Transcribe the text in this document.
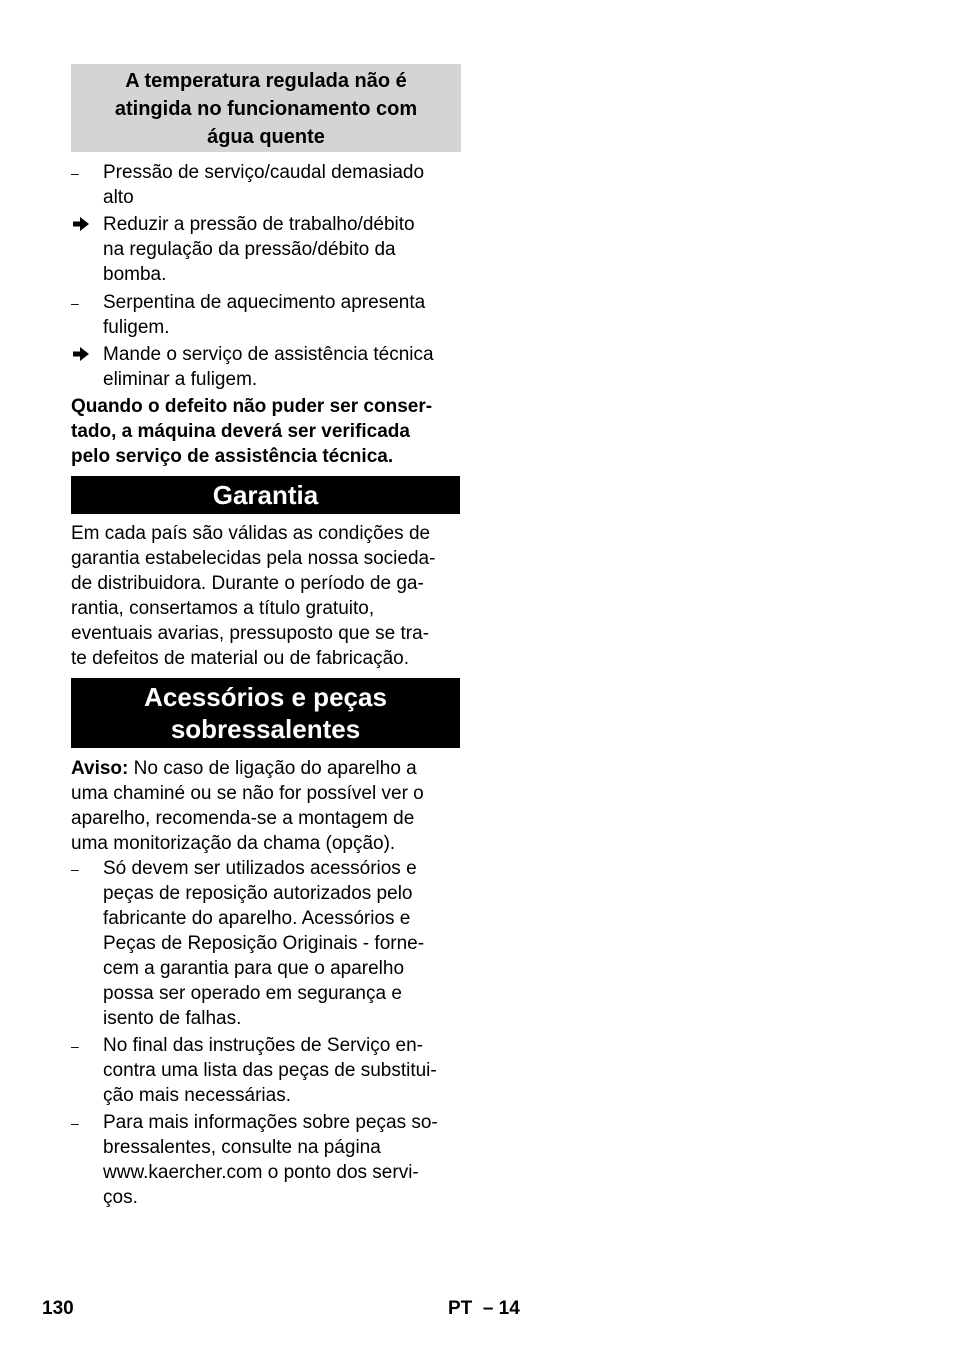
A temperatura regulada não é
atingida no funcionamento com
água quente
–	Pressão de serviço/caudal demasiado
alto
Reduzir a pressão de trabalho/débito
na regulação da pressão/débito da
bomba.
–	Serpentina de aquecimento apresenta
fuligem.
Mande o serviço de assistência técnica
eliminar a fuligem.
Quando o defeito não puder ser conser-
tado, a máquina deverá ser verificada
pelo serviço de assistência técnica.
Garantia
Em cada país são válidas as condições de
garantia estabelecidas pela nossa socieda-
de distribuidora. Durante o período de ga-
rantia, consertamos a título gratuito,
eventuais avarias, pressuposto que se tra-
te defeitos de material ou de fabricação.
Acessórios e peças
sobressalentes
Aviso: No caso de ligação do aparelho a
uma chaminé ou se não for possível ver o
aparelho, recomenda-se a montagem de
uma monitorização da chama (opção).
–	Só devem ser utilizados acessórios e
peças de reposição autorizados pelo
fabricante do aparelho. Acessórios e
Peças de Reposição Originais - forne-
cem a garantia para que o aparelho
possa ser operado em segurança e
isento de falhas.
–	No final das instruções de Serviço en-
contra uma lista das peças de substitui-
ção mais necessárias.
–	Para mais informações sobre peças so-
bressalentes, consulte na página
www.kaercher.com o ponto dos servi-
ços.
130	PT  – 14
